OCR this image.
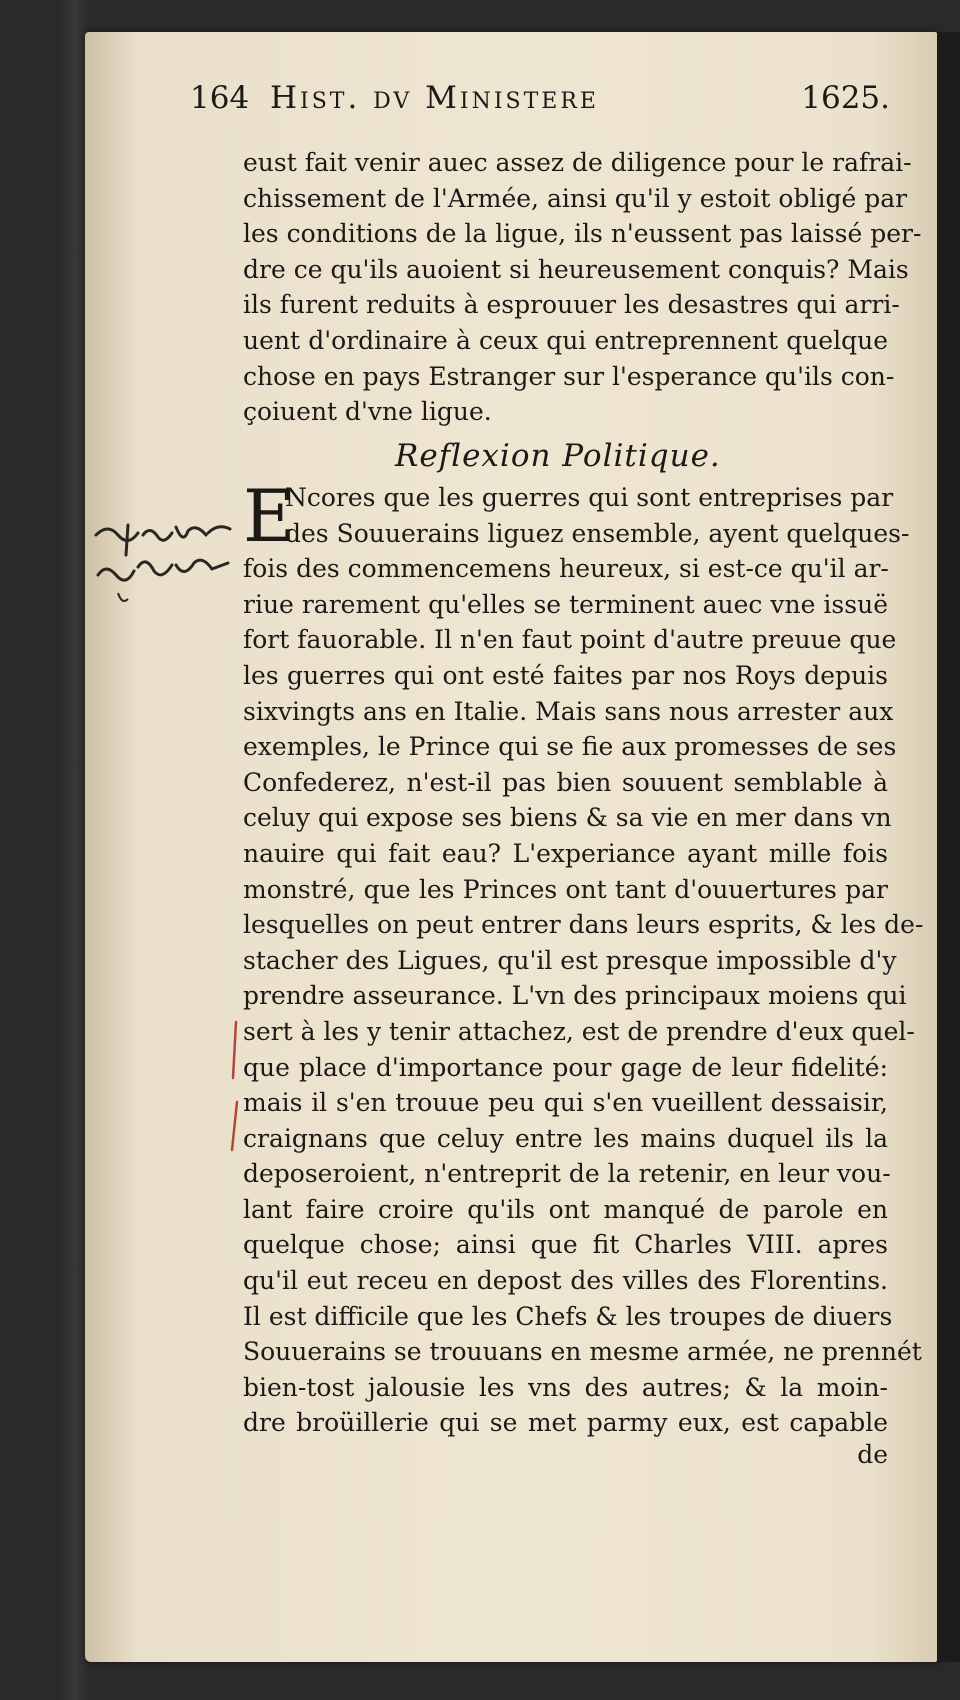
164 Hist. dv Ministere	1625.
eust fait venir auec assez de diligence pour le rafrai-
chissement de l'Armée, ainsi qu'il y estoit obligé par
les conditions de la ligue, ils n'eussent pas laissé per-
dre ce qu'ils auoient si heureusement conquis? Mais
ils furent reduits à esprouuer les desastres qui arri-
uent d'ordinaire à ceux qui entreprennent quelque
chose en pays Estranger sur l'esperance qu'ils con-
çoiuent d'vne ligue.
Reflexion Politique.
E
Ncores que les guerres qui sont entreprises par
des Souuerains liguez ensemble, ayent quelques-
fois des commencemens heureux, si est-ce qu'il ar-
riue rarement qu'elles se terminent auec vne issuë
fort fauorable. Il n'en faut point d'autre preuue que
les guerres qui ont esté faites par nos Roys depuis
sixvingts ans en Italie. Mais sans nous arrester aux
exemples, le Prince qui se fie aux promesses de ses
Confederez, n'est-il pas bien souuent semblable à
celuy qui expose ses biens & sa vie en mer dans vn
nauire qui fait eau? L'experiance ayant mille fois
monstré, que les Princes ont tant d'ouuertures par
lesquelles on peut entrer dans leurs esprits, & les de-
stacher des Ligues, qu'il est presque impossible d'y
prendre asseurance. L'vn des principaux moiens qui
sert à les y tenir attachez, est de prendre d'eux quel-
que place d'importance pour gage de leur fidelité:
mais il s'en trouue peu qui s'en vueillent dessaisir,
craignans que celuy entre les mains duquel ils la
deposeroient, n'entreprit de la retenir, en leur vou-
lant faire croire qu'ils ont manqué de parole en
quelque chose; ainsi que fit Charles VIII. apres
qu'il eut receu en depost des villes des Florentins.
Il est difficile que les Chefs & les troupes de diuers
Souuerains se trouuans en mesme armée, ne prennét
bien-tost jalousie les vns des autres; & la moin-
dre broüillerie qui se met parmy eux, est capable
de
